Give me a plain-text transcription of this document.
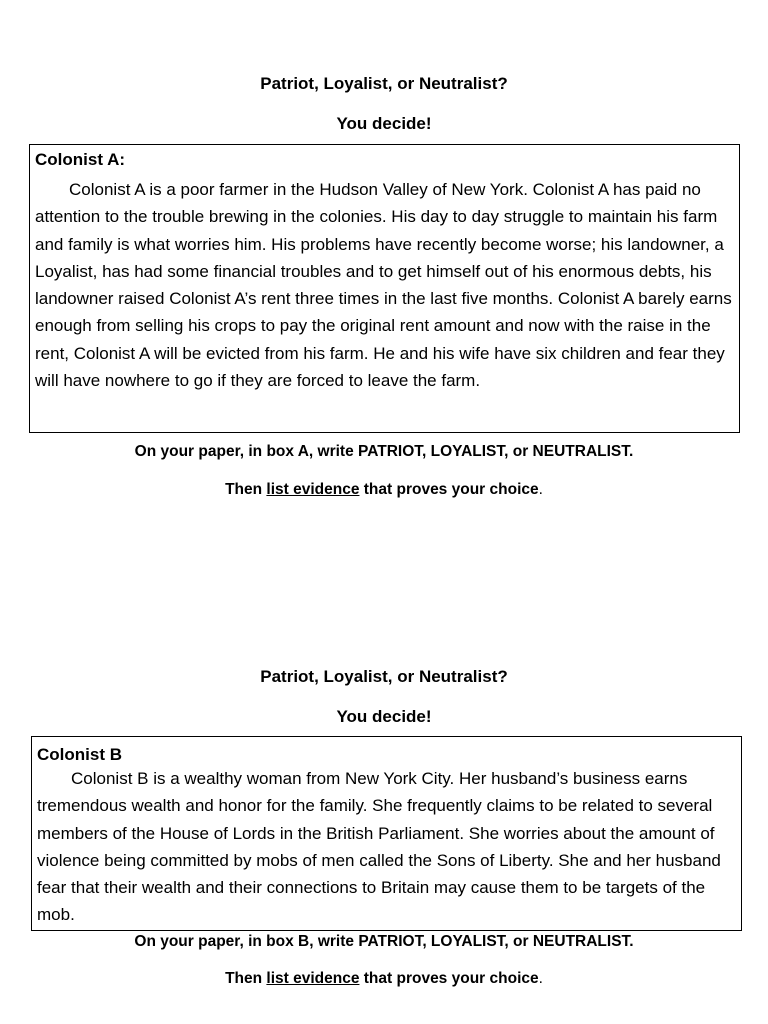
Patriot, Loyalist, or Neutralist?
You decide!
Colonist A:

Colonist A is a poor farmer in the Hudson Valley of New York. Colonist A has paid no attention to the trouble brewing in the colonies. His day to day struggle to maintain his farm and family is what worries him. His problems have recently become worse; his landowner, a Loyalist, has had some financial troubles and to get himself out of his enormous debts, his landowner raised Colonist A’s rent three times in the last five months. Colonist A barely earns enough from selling his crops to pay the original rent amount and now with the raise in the rent, Colonist A will be evicted from his farm. He and his wife have six children and fear they will have nowhere to go if they are forced to leave the farm.

On your paper, in box A, write PATRIOT, LOYALIST, or NEUTRALIST.
Then list evidence that proves your choice.
Patriot, Loyalist, or Neutralist?
You decide!
Colonist B

Colonist B is a wealthy woman from New York City. Her husband’s business earns tremendous wealth and honor for the family. She frequently claims to be related to several members of the House of Lords in the British Parliament. She worries about the amount of violence being committed by mobs of men called the Sons of Liberty. She and her husband fear that their wealth and their connections to Britain may cause them to be targets of the mob.

On your paper, in box B, write PATRIOT, LOYALIST, or NEUTRALIST.
Then list evidence that proves your choice.
